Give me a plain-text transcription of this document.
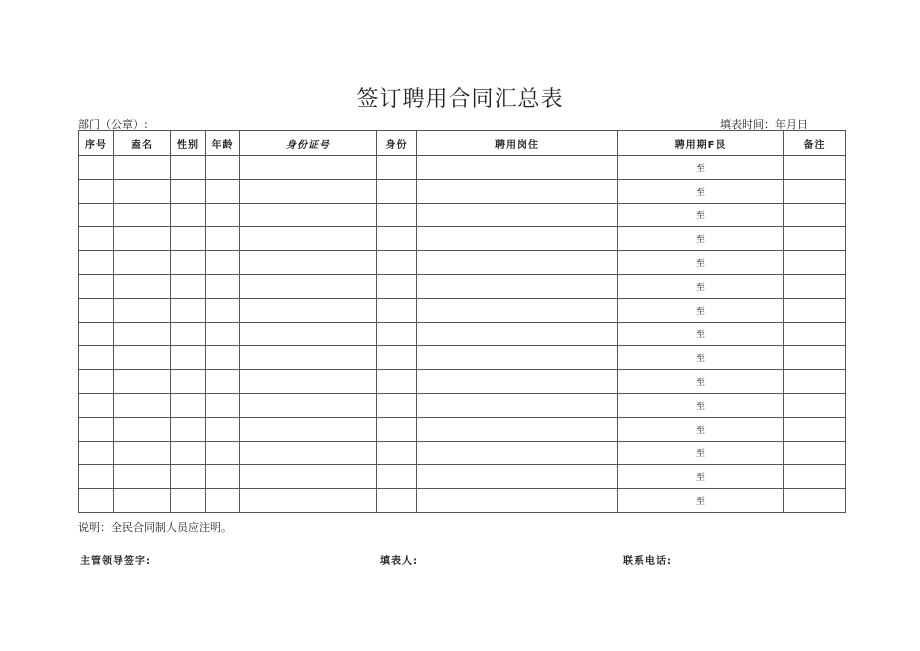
签订聘用合同汇总表
部门（公章）:	填表时间：年月日
序号	盍名	性别	年龄	身份证号	身份	聘用岗住	聘用期F艮	备注
							至	
							至	
							至	
							至	
							至	
							至	
							至	
							至	
							至	
							至	
							至	
							至	
							至	
							至	
							至	
说明：全民合同制人员应注明。
主管领导签字:	填表人:	联系电话:
